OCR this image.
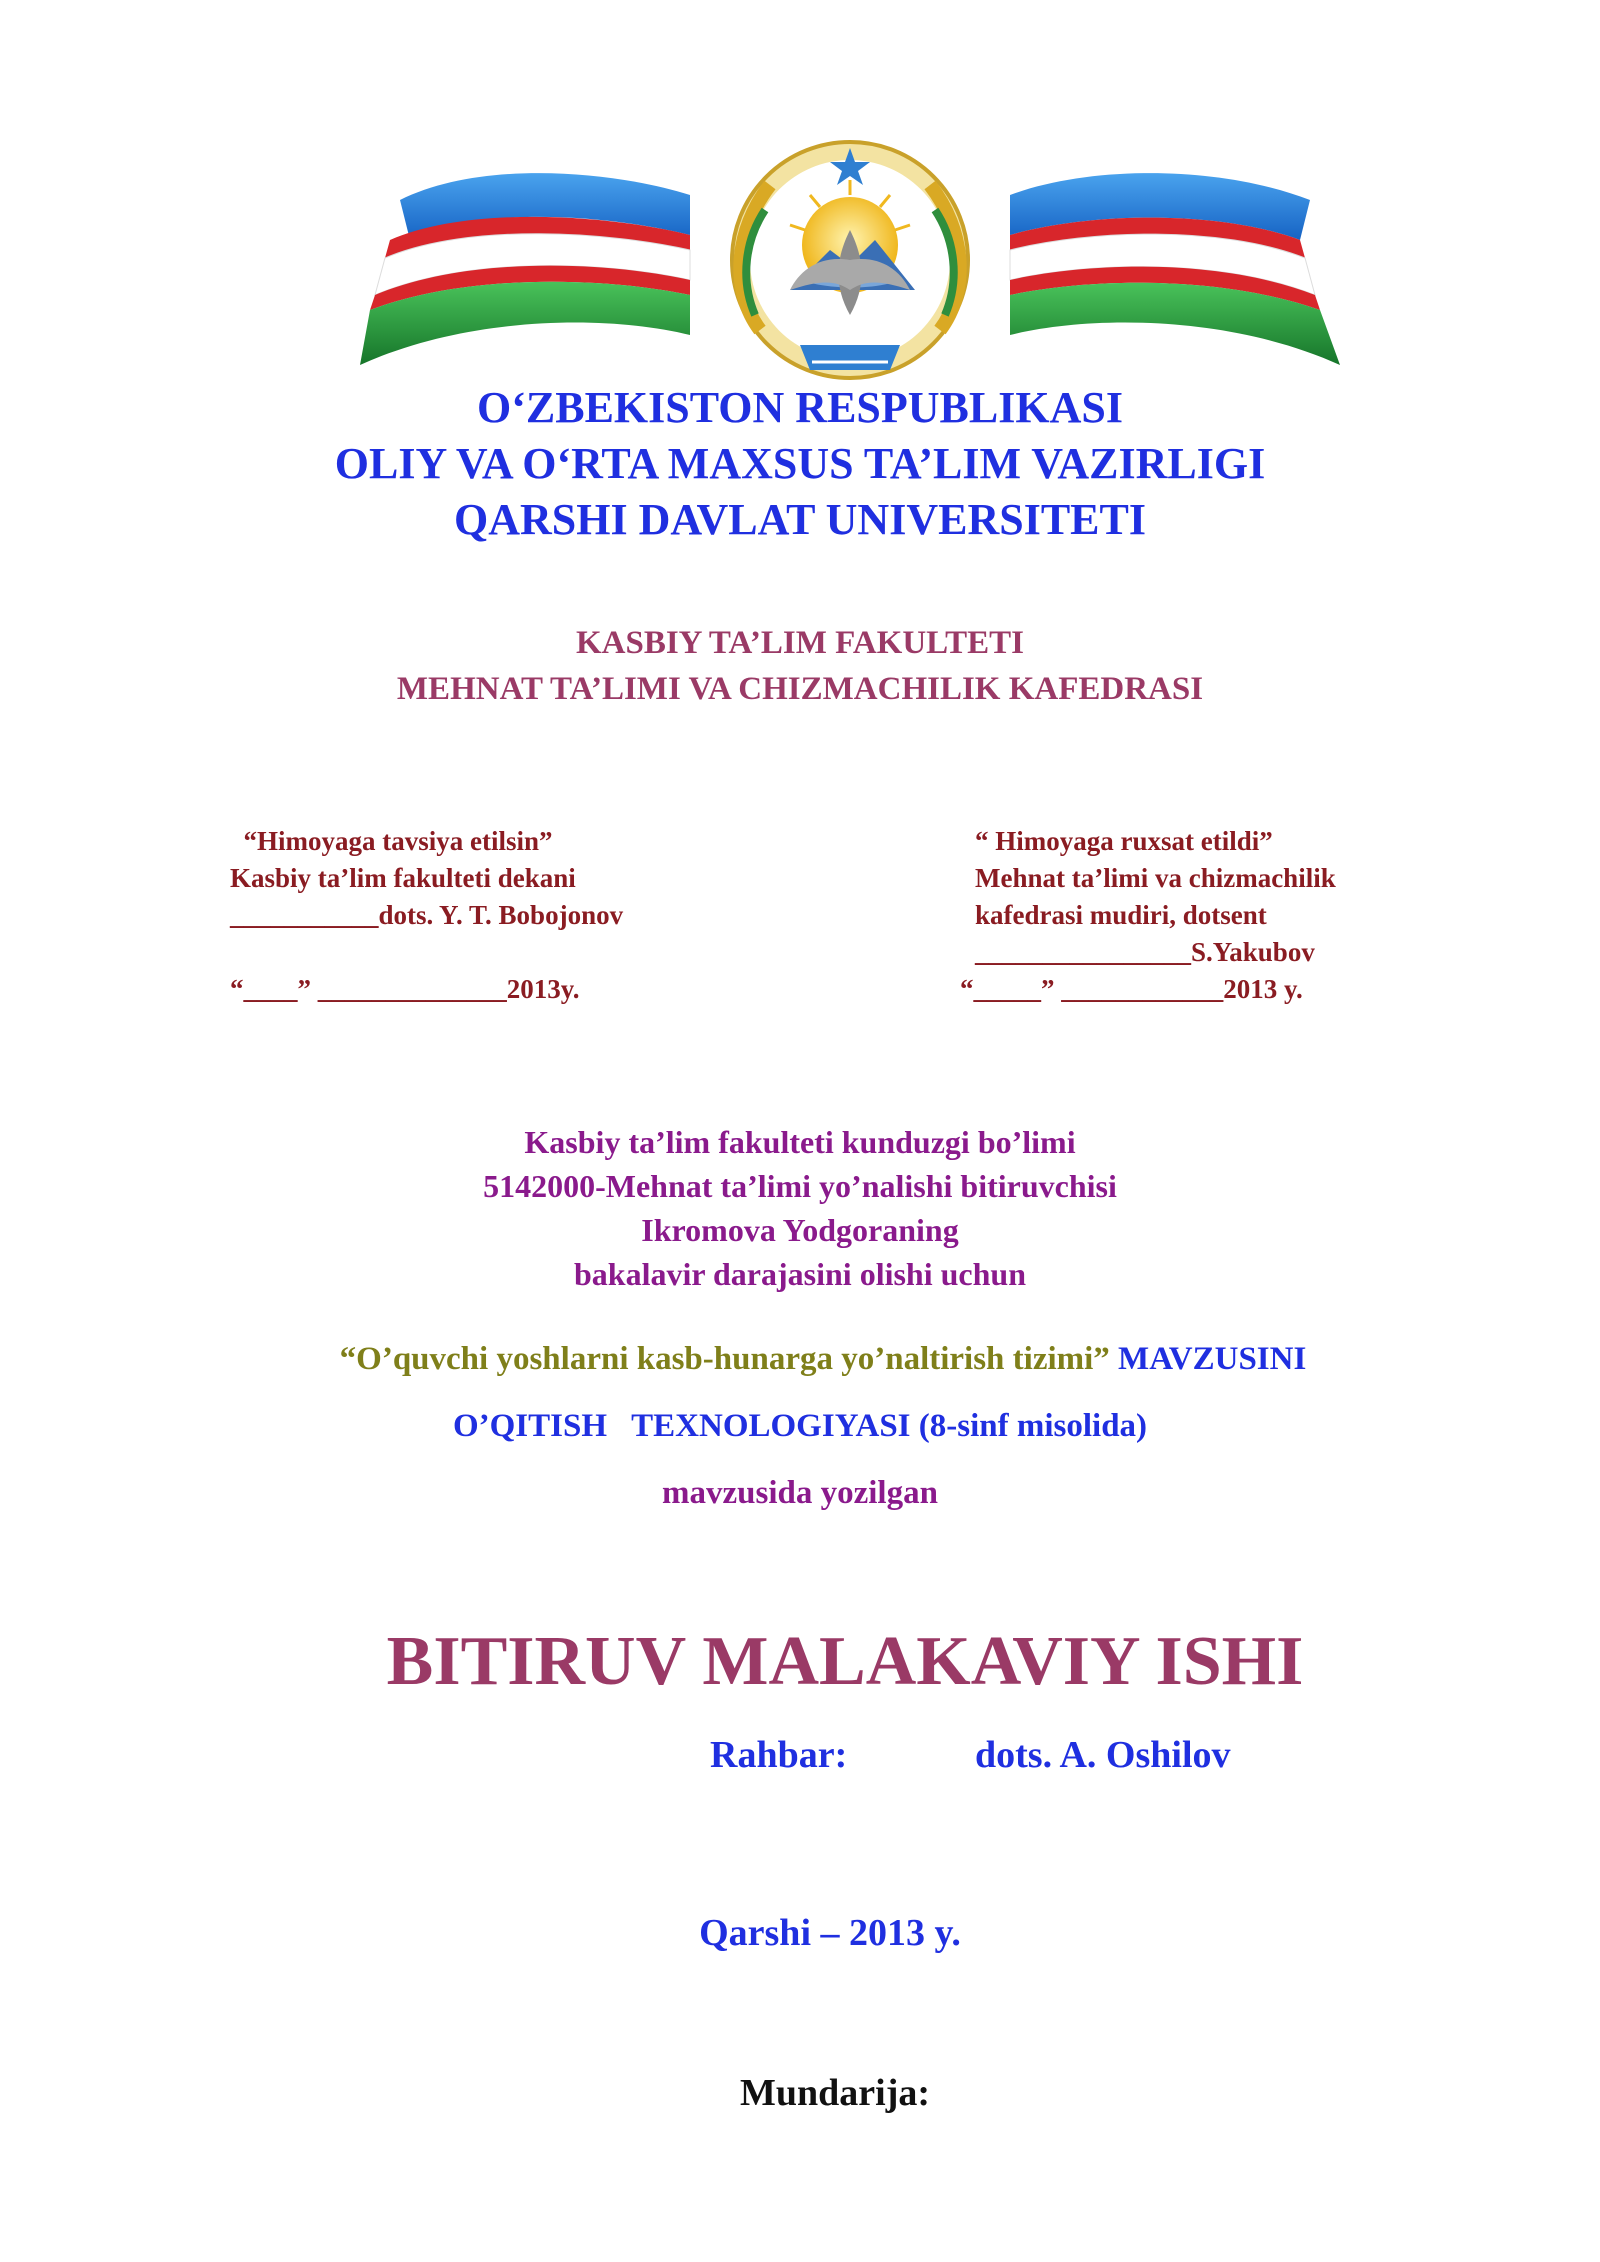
O‘ZBEKISTON RESPUBLIKASI
OLIY VA O‘RTA MAXSUS TA’LIM VAZIRLIGI
QARSHI DAVLAT UNIVERSITETI
KASBIY TA’LIM FAKULTETI
MEHNAT TA’LIMI VA CHIZMACHILIK KAFEDRASI
“Himoyaga tavsiya etilsin”
Kasbiy ta’lim fakulteti dekani
___________dots. Y. T. Bobojonov
“____” ______________2013y.
“ Himoyaga ruxsat etildi”
Mehnat ta’limi va chizmachilik
kafedrasi mudiri, dotsent
________________S.Yakubov
“_____” ____________2013 y.
Kasbiy ta’lim fakulteti kunduzgi bo’limi
5142000-Mehnat ta’limi yo’nalishi bitiruvchisi
Ikromova Yodgoraning
bakalavir darajasini olishi uchun
“O’quvchi yoshlarni kasb-hunarga yo’naltirish tizimi” MAVZUSINI
O’QITISH   TEXNOLOGIYASI (8-sinf misolida)
mavzusida yozilgan
BITIRUV MALAKAVIY ISHI
Rahbar:	dots. A. Oshilov
Qarshi – 2013 y.
Mundarija:
